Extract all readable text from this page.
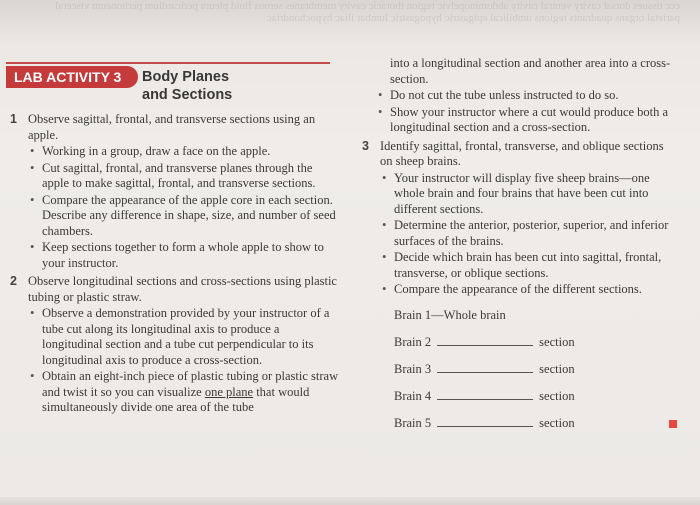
ccc tissues dorsal cavity ventral cavity abdominopelvic region thoracic cavity membranes serous fluid pleura pericardium peritoneum visceral parietal organs quadrants regions umbilical epigastric hypogastric lumbar iliac hypochondriac
LAB ACTIVITY 3	Body Planes
and Sections
1 Observe sagittal, frontal, and transverse sections using an apple.
• Working in a group, draw a face on the apple.
• Cut sagittal, frontal, and transverse planes through the apple to make sagittal, frontal, and transverse sections.
• Compare the appearance of the apple core in each section. Describe any difference in shape, size, and number of seed chambers.
• Keep sections together to form a whole apple to show to your instructor.
2 Observe longitudinal sections and cross-sections using plastic tubing or plastic straw.
• Observe a demonstration provided by your instructor of a tube cut along its longitudinal axis to produce a longitudinal section and a tube cut perpendicular to its longitudinal axis to produce a cross-section.
• Obtain an eight-inch piece of plastic tubing or plastic straw and twist it so you can visualize one plane that would simultaneously divide one area of the tube
into a longitudinal section and another area into a cross-section.
• Do not cut the tube unless instructed to do so.
• Show your instructor where a cut would produce both a longitudinal section and a cross-section.
3 Identify sagittal, frontal, transverse, and oblique sections on sheep brains.
• Your instructor will display five sheep brains—one whole brain and four brains that have been cut into different sections.
• Determine the anterior, posterior, superior, and inferior surfaces of the brains.
• Decide which brain has been cut into sagittal, frontal, transverse, or oblique sections.
• Compare the appearance of the different sections.
Brain 1—Whole brain
Brain 2	section
Brain 3	section
Brain 4	section
Brain 5	section
